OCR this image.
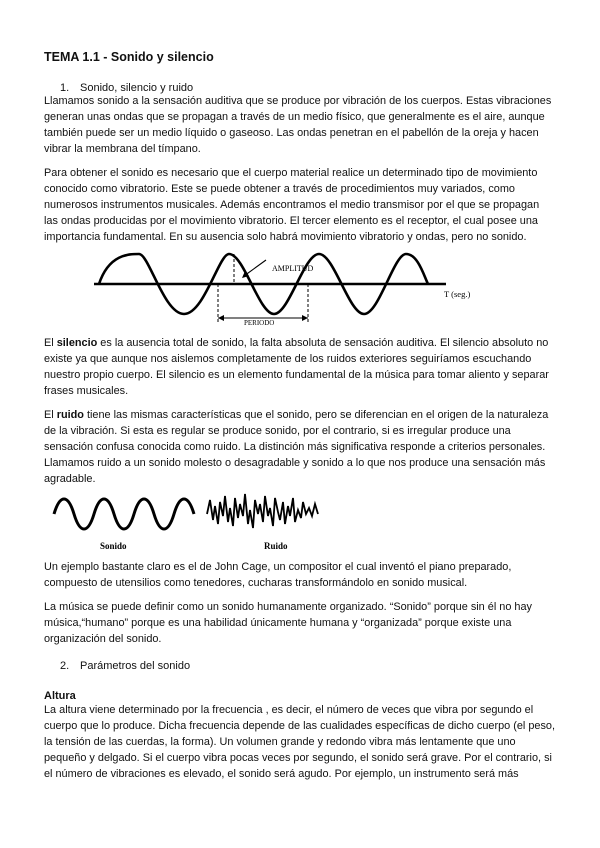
TEMA 1.1 - Sonido y silencio
1. Sonido, silencio y ruido

Llamamos sonido a la sensación auditiva que se produce por vibración de los cuerpos. Estas vibraciones generan unas ondas que se propagan a través de un medio físico, que generalmente es el aire, aunque también puede ser un medio líquido o gaseoso. Las ondas penetran en el pabellón de la oreja y hacen vibrar la membrana del tímpano.

Para obtener el sonido es necesario que el cuerpo material realice un determinado tipo de movimiento conocido como vibratorio. Este se puede obtener a través de procedimientos muy variados, como numerosos instrumentos musicales. Además encontramos el medio transmisor por el que se propagan las ondas producidas por el movimiento vibratorio. El tercer elemento es el receptor, el cual posee una importancia fundamental. En su ausencia solo habrá movimiento vibratorio y ondas, pero no sonido.

AMPLITUD
T (seg.)
PERIODO

El silencio es la ausencia total de sonido, la falta absoluta de sensación auditiva. El silencio absoluto no existe ya que aunque nos aislemos completamente de los ruidos exteriores seguiríamos escuchando nuestro propio cuerpo. El silencio es un elemento fundamental de la música para tomar aliento y separar frases musicales.

El ruido tiene las mismas características que el sonido, pero se diferencian en el origen de la naturaleza de la vibración. Si esta es regular se produce sonido, por el contrario, si es irregular produce una sensación confusa conocida como ruido. La distinción más significativa responde a criterios personales. Llamamos ruido a un sonido molesto o desagradable y sonido a lo que nos produce una sensación más agradable.

Sonido	Ruido

Un ejemplo bastante claro es el de John Cage, un compositor el cual inventó el piano preparado, compuesto de utensilios como tenedores, cucharas transformándolo en sonido musical.

La música se puede definir como un sonido humanamente organizado. “Sonido” porque sin él no hay música,“humano” porque es una habilidad únicamente humana y “organizada” porque existe una organización del sonido.

2. Parámetros del sonido
Altura

La altura viene determinado por la frecuencia , es decir, el número de veces que vibra por segundo el cuerpo que lo produce. Dicha frecuencia depende de las cualidades específicas de dicho cuerpo (el peso, la tensión de las cuerdas, la forma). Un volumen grande y redondo vibra más lentamente que uno pequeño y delgado. Si el cuerpo vibra pocas veces por segundo, el sonido será grave. Por el contrario, si el número de vibraciones es elevado, el sonido será agudo. Por ejemplo, un instrumento será más
